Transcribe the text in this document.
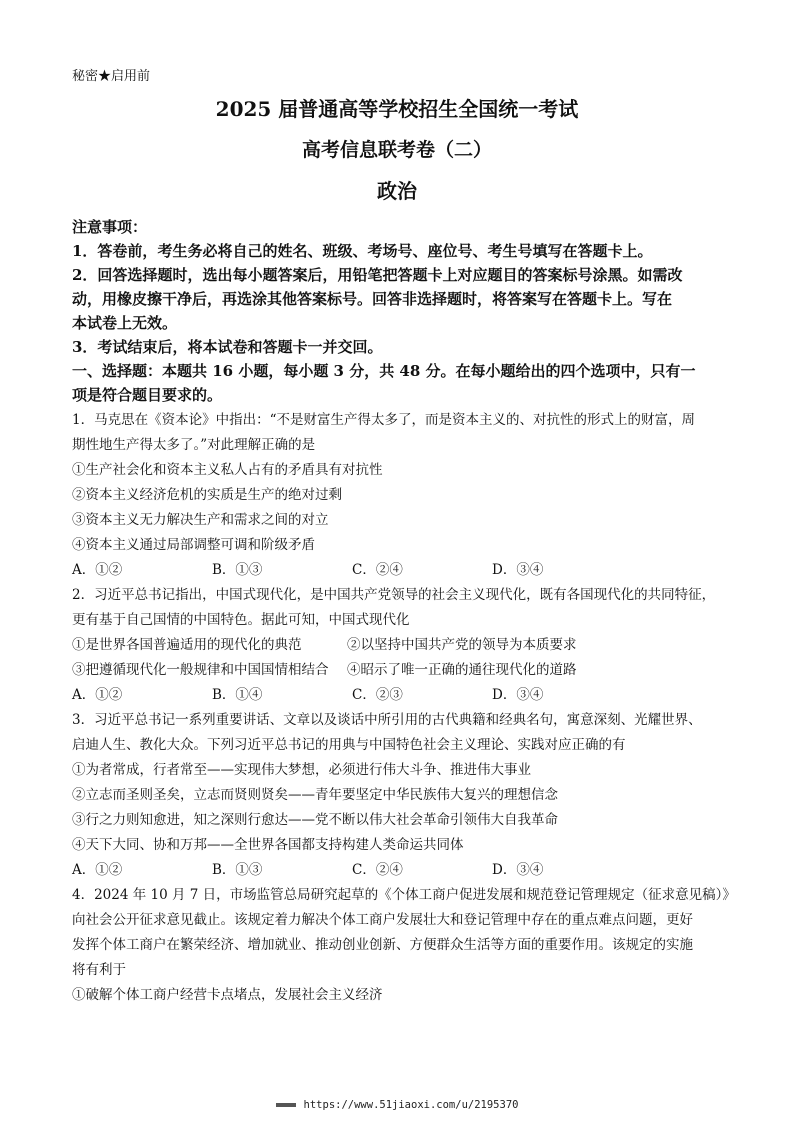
秘密★启用前
2025 届普通高等学校招生全国统一考试
高考信息联考卷（二）
政治
注意事项：
1．答卷前，考生务必将自己的姓名、班级、考场号、座位号、考生号填写在答题卡上。
2．回答选择题时，选出每小题答案后，用铅笔把答题卡上对应题目的答案标号涂黑。如需改
动，用橡皮擦干净后，再选涂其他答案标号。回答非选择题时，将答案写在答题卡上。写在
本试卷上无效。
3．考试结束后，将本试卷和答题卡一并交回。
一、选择题：本题共 16 小题，每小题 3 分，共 48 分。在每小题给出的四个选项中，只有一
项是符合题目要求的。
1．马克思在《资本论》中指出：“不是财富生产得太多了，而是资本主义的、对抗性的形式上的财富，周
期性地生产得太多了。”对此理解正确的是
①生产社会化和资本主义私人占有的矛盾具有对抗性
②资本主义经济危机的实质是生产的绝对过剩
③资本主义无力解决生产和需求之间的对立
④资本主义通过局部调整可调和阶级矛盾
A．①②	B．①③	C．②④	D．③④
2．习近平总书记指出，中国式现代化，是中国共产党领导的社会主义现代化，既有各国现代化的共同特征，
更有基于自己国情的中国特色。据此可知，中国式现代化
①是世界各国普遍适用的现代化的典范	②以坚持中国共产党的领导为本质要求
③把遵循现代化一般规律和中国国情相结合	④昭示了唯一正确的通往现代化的道路
A．①②	B．①④	C．②③	D．③④
3．习近平总书记一系列重要讲话、文章以及谈话中所引用的古代典籍和经典名句，寓意深刻、光耀世界、
启迪人生、教化大众。下列习近平总书记的用典与中国特色社会主义理论、实践对应正确的有
①为者常成，行者常至——实现伟大梦想，必须进行伟大斗争、推进伟大事业
②立志而圣则圣矣，立志而贤则贤矣——青年要坚定中华民族伟大复兴的理想信念
③行之力则知愈进，知之深则行愈达——党不断以伟大社会革命引领伟大自我革命
④天下大同、协和万邦——全世界各国都支持构建人类命运共同体
A．①②	B．①③	C．②④	D．③④
4．2024 年 10 月 7 日，市场监管总局研究起草的《个体工商户促进发展和规范登记管理规定（征求意见稿）》
向社会公开征求意见截止。该规定着力解决个体工商户发展壮大和登记管理中存在的重点难点问题，更好
发挥个体工商户在繁荣经济、增加就业、推动创业创新、方便群众生活等方面的重要作用。该规定的实施
将有利于
①破解个体工商户经营卡点堵点，发展社会主义经济
https://www.51jiaoxi.com/u/2195370
